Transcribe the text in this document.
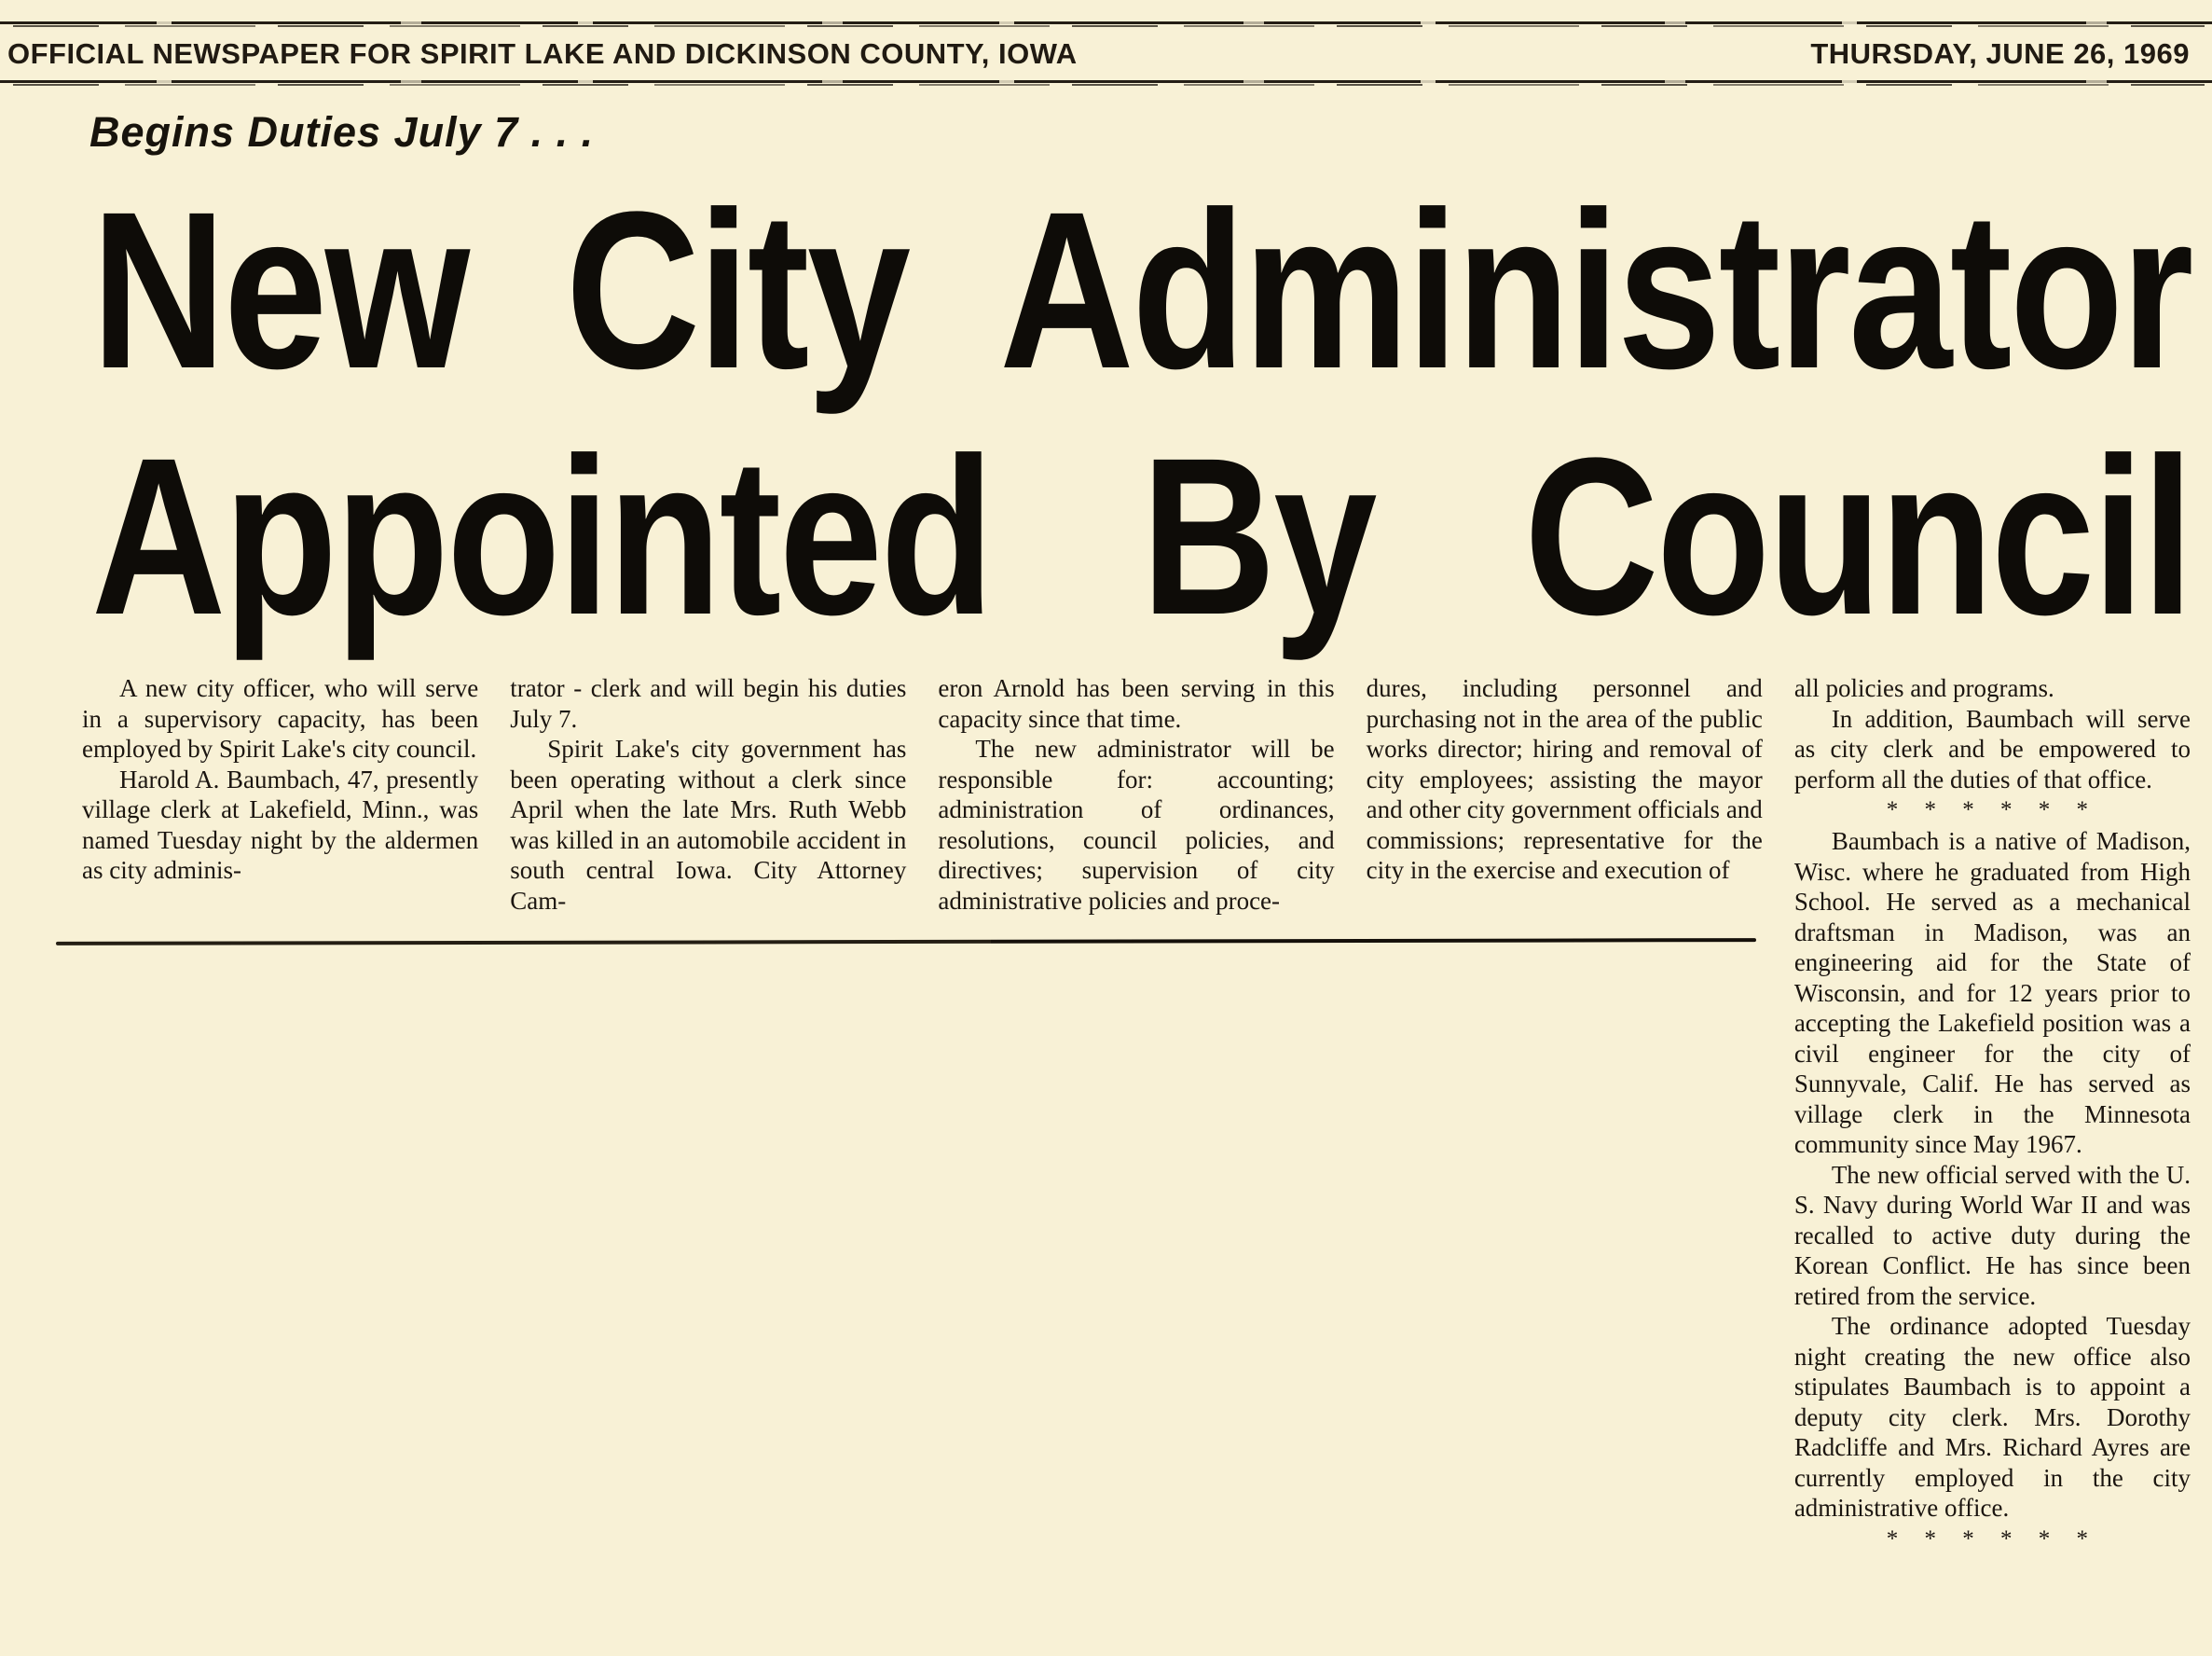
OFFICIAL NEWSPAPER FOR SPIRIT LAKE AND DICKINSON COUNTY, IOWA	THURSDAY, JUNE 26, 1969
Begins Duties July 7 . . .
New City Administrator
Appointed By Council

A new city officer, who will serve in a supervisory capacity, has been employed by Spirit Lake's city council.

Harold A. Baumbach, 47, presently village clerk at Lakefield, Minn., was named Tuesday night by the aldermen as city adminis-

trator - clerk and will begin his duties July 7.

Spirit Lake's city government has been operating without a clerk since April when the late Mrs. Ruth Webb was killed in an automobile accident in south central Iowa. City Attorney Cam-

eron Arnold has been serving in this capacity since that time.

The new administrator will be responsible for: accounting; administration of ordinances, resolutions, council policies, and directives; supervision of city administrative policies and proce-

dures, including personnel and purchasing not in the area of the public works director; hiring and removal of city employees; assisting the mayor and other city government officials and commissions; representative for the city in the exercise and execution of

all policies and programs.

In addition, Baumbach will serve as city clerk and be empowered to perform all the duties of that office.

* * * * * *

Baumbach is a native of Madison, Wisc. where he graduated from High School. He served as a mechanical draftsman in Madison, was an engineering aid for the State of Wisconsin, and for 12 years prior to accepting the Lakefield position was a civil engineer for the city of Sunnyvale, Calif. He has served as village clerk in the Minnesota community since May 1967.

The new official served with the U. S. Navy during World War II and was recalled to active duty during the Korean Conflict. He has since been retired from the service.

The ordinance adopted Tuesday night creating the new office also stipulates Baumbach is to appoint a deputy city clerk. Mrs. Dorothy Radcliffe and Mrs. Richard Ayres are currently employed in the city administrative office.

* * * * * *
